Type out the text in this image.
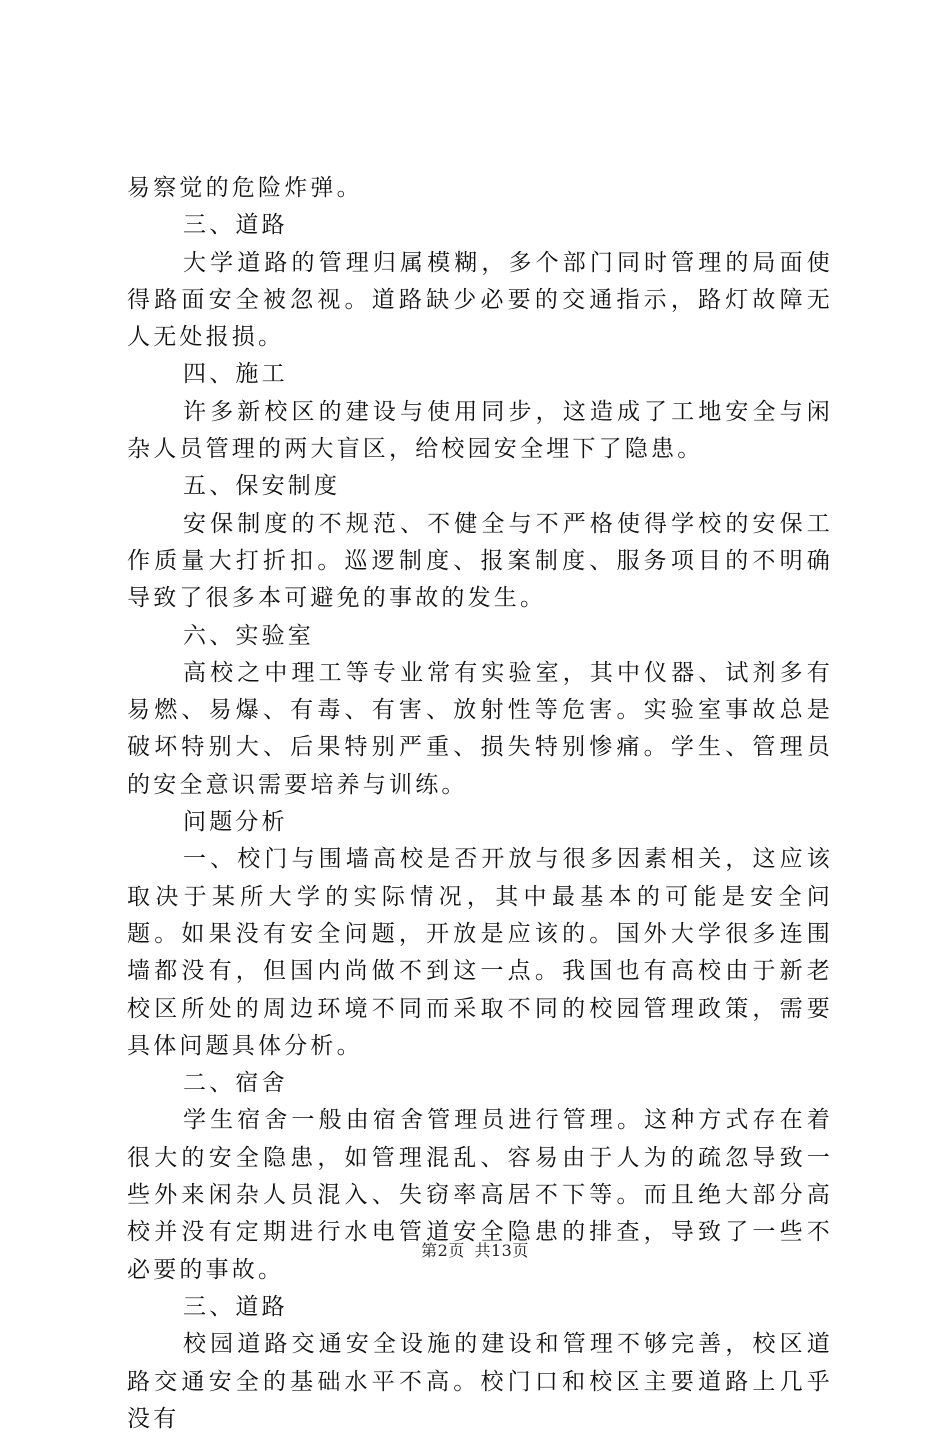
易察觉的危险炸弹。

三、道路

大学道路的管理归属模糊，多个部门同时管理的局面使得路面安全被忽视。道路缺少必要的交通指示，路灯故障无人无处报损。

四、施工

许多新校区的建设与使用同步，这造成了工地安全与闲杂人员管理的两大盲区，给校园安全埋下了隐患。

五、保安制度

安保制度的不规范、不健全与不严格使得学校的安保工作质量大打折扣。巡逻制度、报案制度、服务项目的不明确导致了很多本可避免的事故的发生。

六、实验室

高校之中理工等专业常有实验室，其中仪器、试剂多有易燃、易爆、有毒、有害、放射性等危害。实验室事故总是破坏特别大、后果特别严重、损失特别惨痛。学生、管理员的安全意识需要培养与训练。

问题分析

一、校门与围墙高校是否开放与很多因素相关，这应该取决于某所大学的实际情况，其中最基本的可能是安全问题。如果没有安全问题，开放是应该的。国外大学很多连围墙都没有，但国内尚做不到这一点。我国也有高校由于新老校区所处的周边环境不同而采取不同的校园管理政策，需要具体问题具体分析。

二、宿舍

学生宿舍一般由宿舍管理员进行管理。这种方式存在着很大的安全隐患，如管理混乱、容易由于人为的疏忽导致一些外来闲杂人员混入、失窃率高居不下等。而且绝大部分高校并没有定期进行水电管道安全隐患的排查，导致了一些不必要的事故。

三、道路

校园道路交通安全设施的建设和管理不够完善，校区道路交通安全的基础水平不高。校门口和校区主要道路上几乎没有

第2页 共13页
